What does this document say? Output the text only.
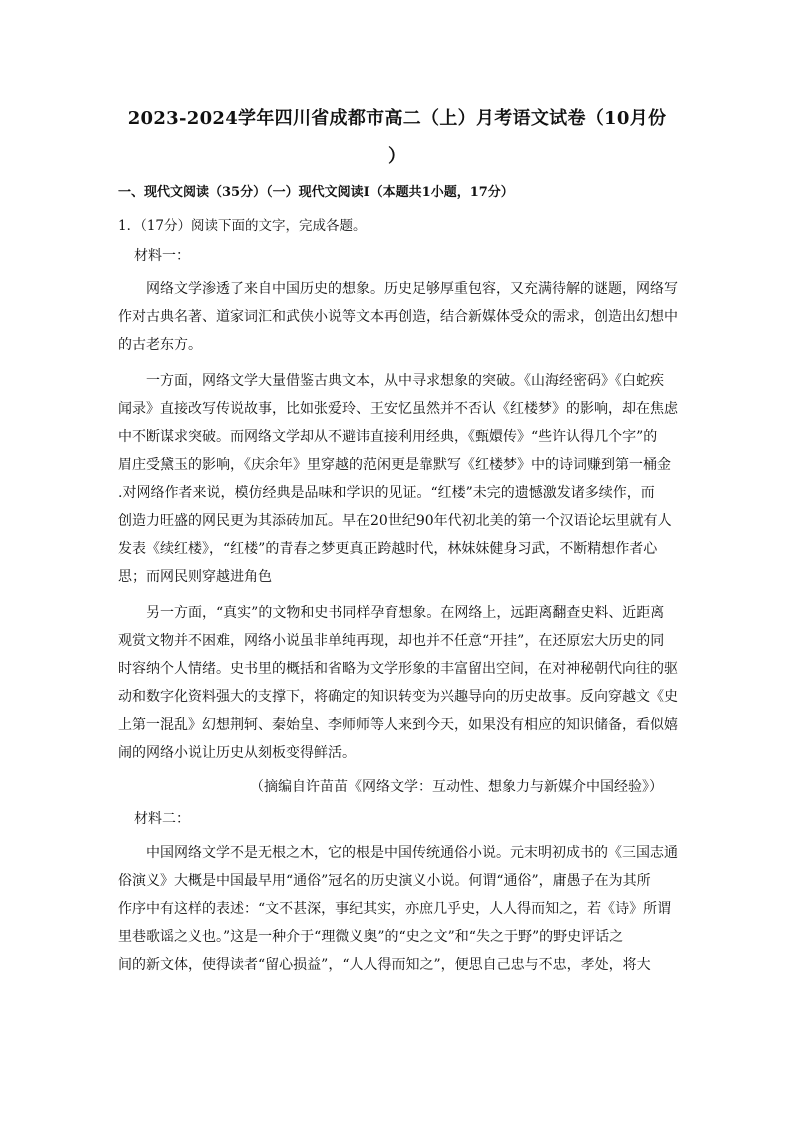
2023-2024学年四川省成都市高二（上）月考语文试卷（10月份
）
一、现代文阅读（35分）（一）现代文阅读Ⅰ（本题共1小题，17分）
1．（17分）阅读下面的文字，完成各题。
材料一：
网络文学渗透了来自中国历史的想象。历史足够厚重包容，又充满待解的谜题，网络写
作对古典名著、道家词汇和武侠小说等文本再创造，结合新媒体受众的需求，创造出幻想中
的古老东方。
一方面，网络文学大量借鉴古典文本，从中寻求想象的突破。《山海经密码》《白蛇疾
闻录》直接改写传说故事，比如张爱玲、王安忆虽然并不否认《红楼梦》的影响，却在焦虑
中不断谋求突破。而网络文学却从不避讳直接利用经典，《甄嬛传》“些许认得几个字”的
眉庄受黛玉的影响，《庆余年》里穿越的范闲更是靠默写《红楼梦》中的诗词赚到第一桶金
.对网络作者来说，模仿经典是品味和学识的见证。“红楼”未完的遗憾激发诸多续作，而
创造力旺盛的网民更为其添砖加瓦。早在20世纪90年代初北美的第一个汉语论坛里就有人
发表《续红楼》，“红楼”的青春之梦更真正跨越时代，林妹妹健身习武，不断精想作者心
思；而网民则穿越进角色
另一方面，“真实”的文物和史书同样孕育想象。在网络上，远距离翻查史料、近距离
观赏文物并不困难，网络小说虽非单纯再现，却也并不任意“开挂”，在还原宏大历史的同
时容纳个人情绪。史书里的概括和省略为文学形象的丰富留出空间，在对神秘朝代向往的驱
动和数字化资料强大的支撑下，将确定的知识转变为兴趣导向的历史故事。反向穿越文《史
上第一混乱》幻想荆轲、秦始皇、李师师等人来到今天，如果没有相应的知识储备，看似嬉
闹的网络小说让历史从刻板变得鲜活。
（摘编自许苗苗《网络文学：互动性、想象力与新媒介中国经验》）
材料二：
中国网络文学不是无根之木，它的根是中国传统通俗小说。元末明初成书的《三国志通
俗演义》大概是中国最早用“通俗”冠名的历史演义小说。何谓“通俗”，庸愚子在为其所
作序中有这样的表述：“文不甚深，事纪其实，亦庶几乎史，人人得而知之，若《诗》所谓
里巷歌谣之义也。”这是一种介于“理微义奥”的“史之文”和“失之于野”的野史评话之
间的新文体，使得读者“留心损益”，“人人得而知之”，便思自己忠与不忠，孝处，将大
